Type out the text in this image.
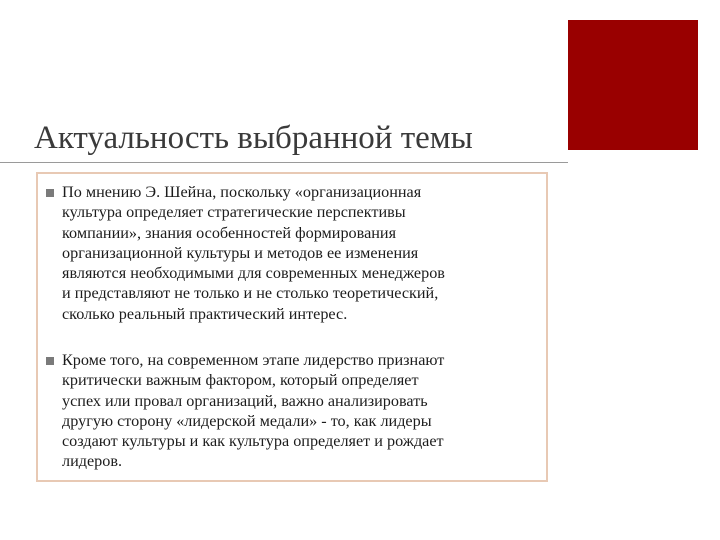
Актуальность выбранной темы
По мнению Э. Шейна, поскольку «организационная
культура определяет стратегические перспективы
компании», знания особенностей формирования
организационной культуры и методов ее изменения
являются необходимыми для современных менеджеров
и представляют не только и не столько теоретический,
сколько реальный практический интерес.
Кроме того, на современном этапе лидерство признают
критически важным фактором, который определяет
успех или провал организаций, важно анализировать
другую сторону «лидерской медали» - то, как лидеры
создают культуры и как культура определяет и рождает
лидеров.
